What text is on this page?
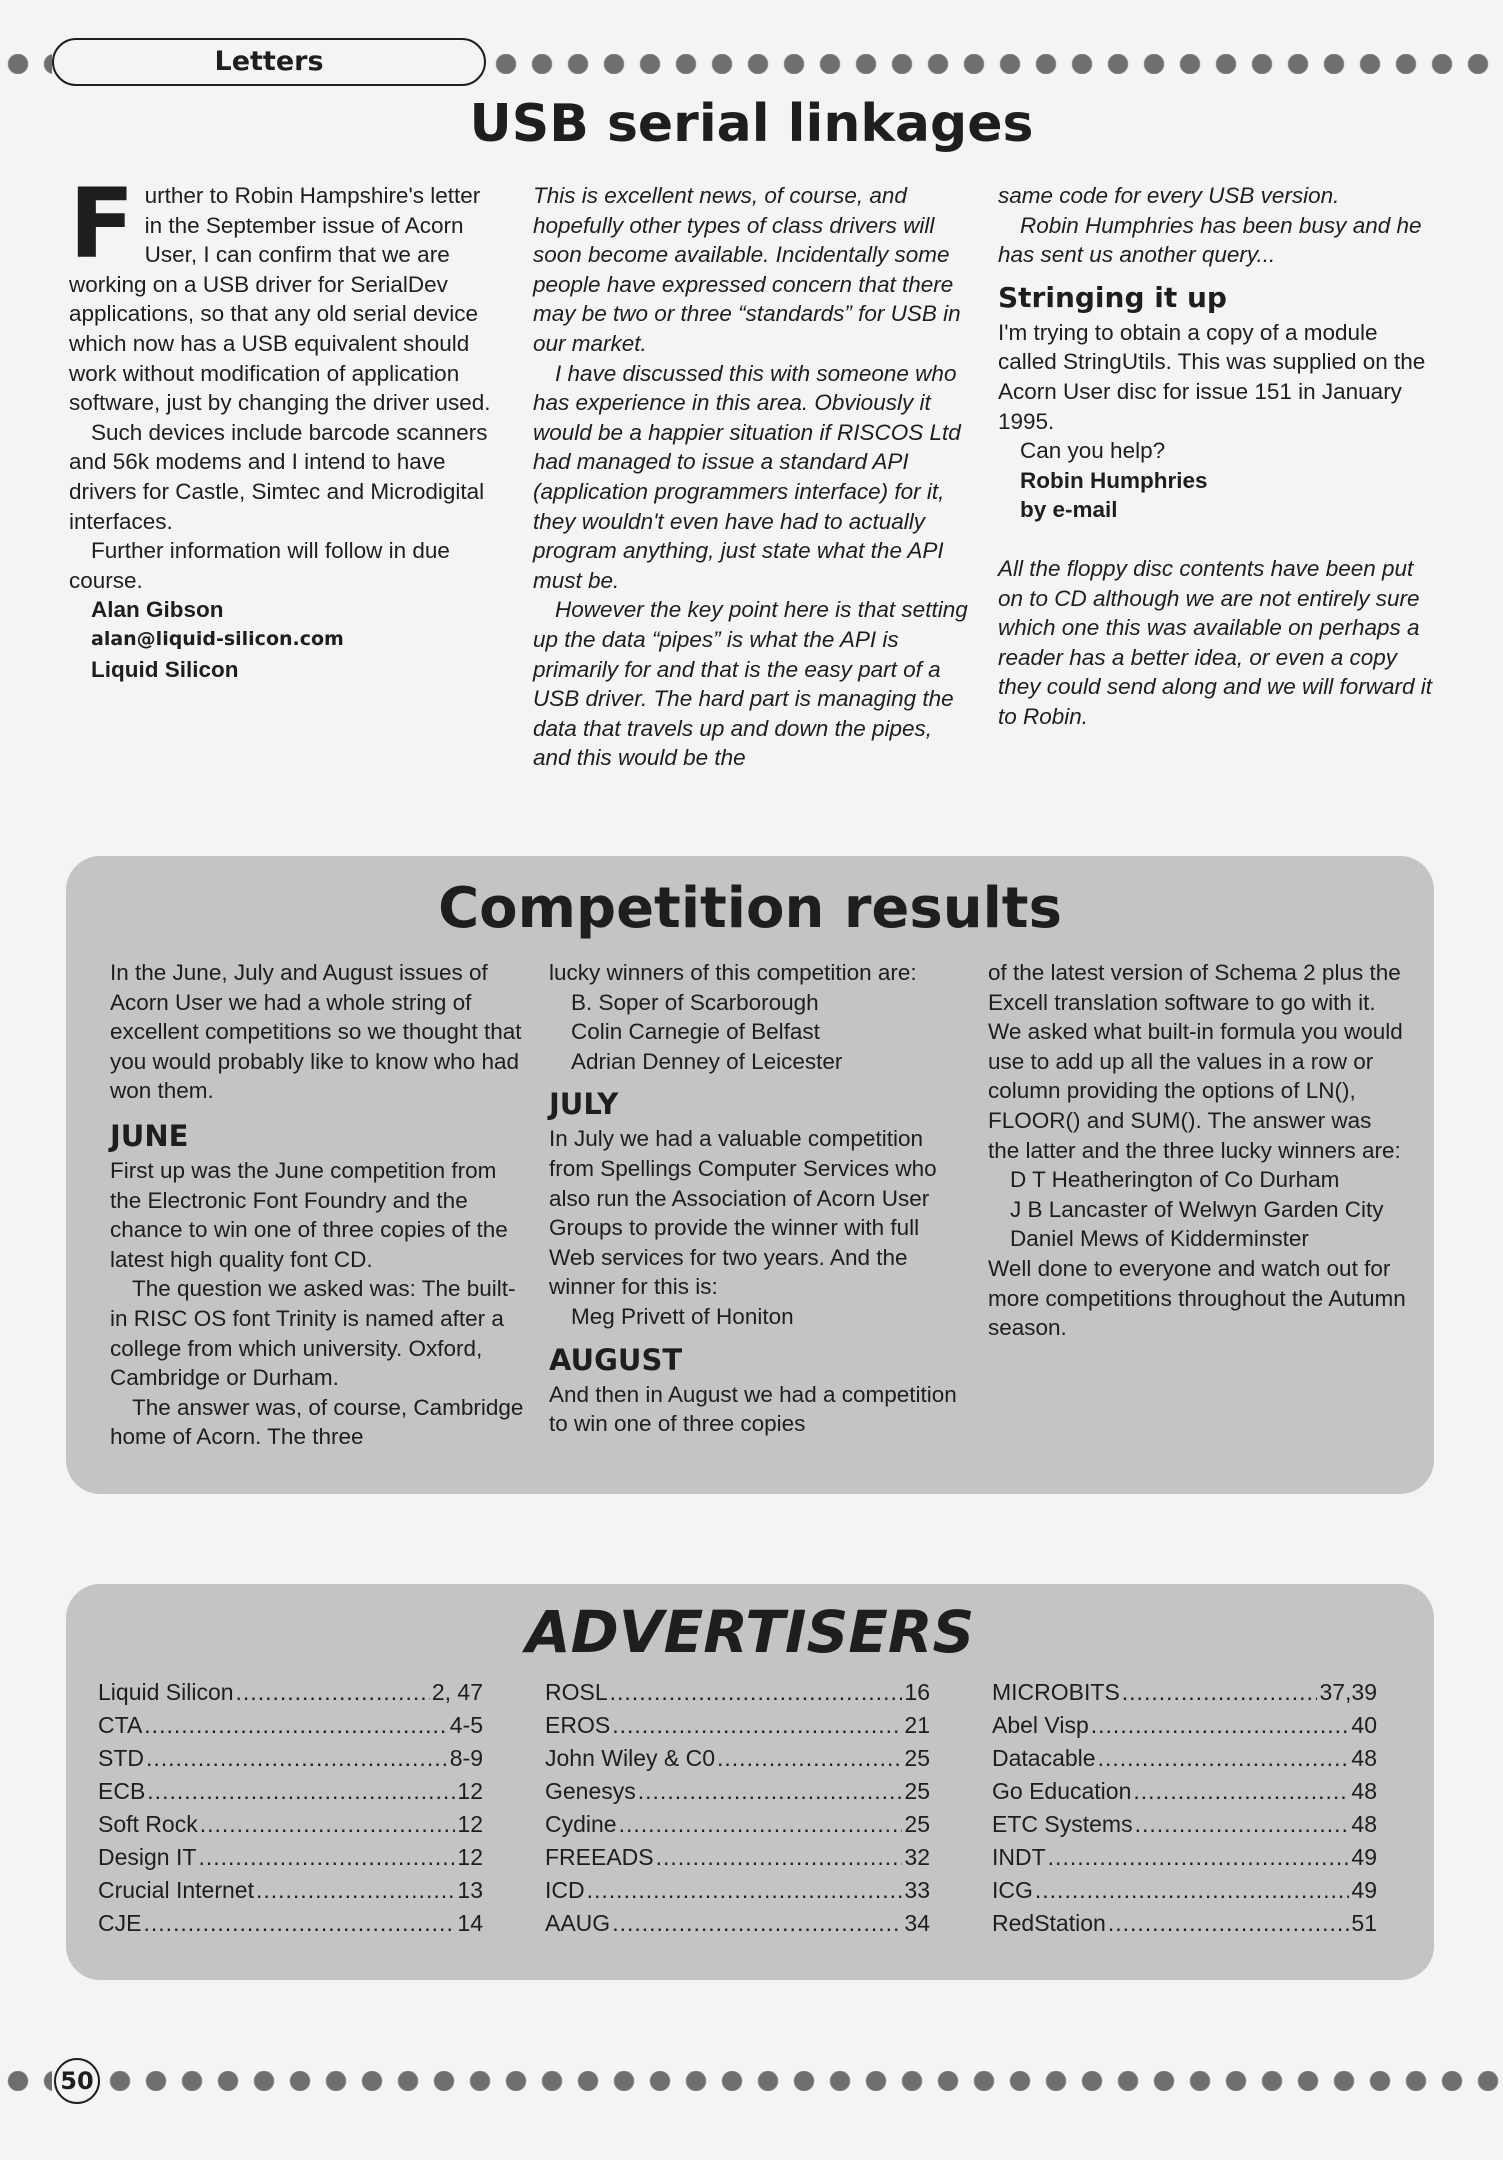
Letters
USB serial linkages
F urther to Robin Hampshire's letter in the September issue of Acorn User, I can confirm that we are working on a USB driver for SerialDev applications, so that any old serial device which now has a USB equivalent should work without modification of application software, just by changing the driver used.

Such devices include barcode scanners and 56k modems and I intend to have drivers for Castle, Simtec and Microdigital interfaces.

Further information will follow in due course.

Alan Gibson
alan@liquid-silicon.com
Liquid Silicon

This is excellent news, of course, and hopefully other types of class drivers will soon become available. Incidentally some people have expressed concern that there may be two or three “standards” for USB in our market.

I have discussed this with someone who has experience in this area. Obviously it would be a happier situation if RISCOS Ltd had managed to issue a standard API (application programmers interface) for it, they wouldn't even have had to actually program anything, just state what the API must be.

However the key point here is that setting up the data “pipes” is what the API is primarily for and that is the easy part of a USB driver. The hard part is managing the data that travels up and down the pipes, and this would be the

same code for every USB version.

Robin Humphries has been busy and he has sent us another query...

Stringing it up

I'm trying to obtain a copy of a module called StringUtils. This was supplied on the Acorn User disc for issue 151 in January 1995.

Can you help?

Robin Humphries
by e-mail

All the floppy disc contents have been put on to CD although we are not entirely sure which one this was available on perhaps a reader has a better idea, or even a copy they could send along and we will forward it to Robin.

Competition results

In the June, July and August issues of Acorn User we had a whole string of excellent competitions so we thought that you would probably like to know who had won them.

JUNE

First up was the June competition from the Electronic Font Foundry and the chance to win one of three copies of the latest high quality font CD.

The question we asked was: The built-in RISC OS font Trinity is named after a college from which university. Oxford, Cambridge or Durham.

The answer was, of course, Cambridge home of Acorn. The three

lucky winners of this competition are:

B. Soper of Scarborough

Colin Carnegie of Belfast

Adrian Denney of Leicester

JULY

In July we had a valuable competition from Spellings Computer Services who also run the Association of Acorn User Groups to provide the winner with full Web services for two years. And the winner for this is:

Meg Privett of Honiton

AUGUST

And then in August we had a competition to win one of three copies

of the latest version of Schema 2 plus the Excell translation software to go with it. We asked what built-in formula you would use to add up all the values in a row or column providing the options of LN(), FLOOR() and SUM(). The answer was the latter and the three lucky winners are:

D T Heatherington of Co Durham

J B Lancaster of Welwyn Garden City

Daniel Mews of Kidderminster

Well done to everyone and watch out for more competitions throughout the Autumn season.

ADVERTISERS
Liquid Silicon .....	2, 47
CTA .....	4-5
STD .....	8-9
ECB .....	12
Soft Rock .....	12
Design IT .....	12
Crucial Internet .....	13
CJE .....	14
ROSL .....	16
EROS .....	21
John Wiley & C0 .....	25
Genesys .....	25
Cydine .....	25
FREEADS .....	32
ICD .....	33
AAUG .....	34
MICROBITS .....	37,39
Abel Visp .....	40
Datacable .....	48
Go Education .....	48
ETC Systems .....	48
INDT .....	49
ICG .....	49
RedStation .....	51
50
